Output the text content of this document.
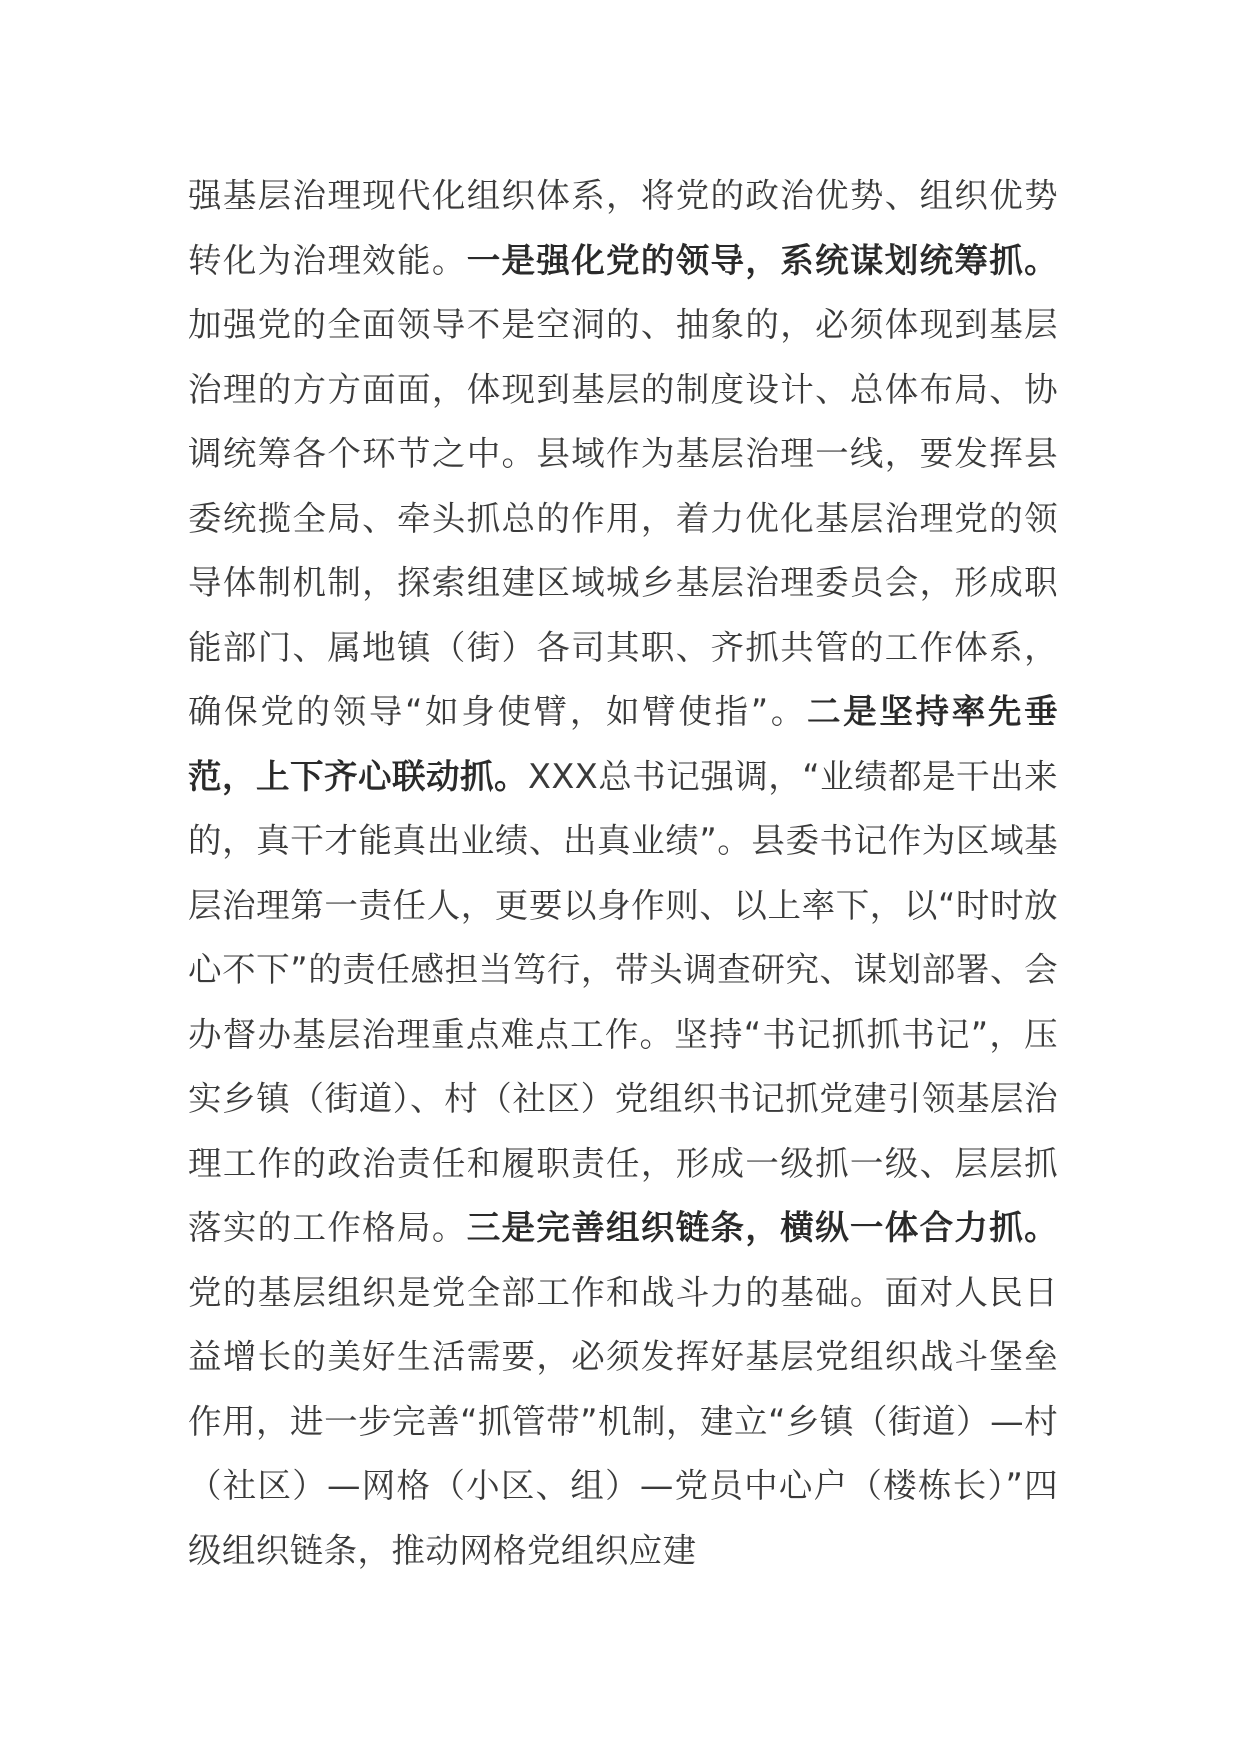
强基层治理现代化组织体系，将党的政治优势、组织优势转化为治理效能。一是强化党的领导，系统谋划统筹抓。加强党的全面领导不是空洞的、抽象的，必须体现到基层治理的方方面面，体现到基层的制度设计、总体布局、协调统筹各个环节之中。县域作为基层治理一线，要发挥县委统揽全局、牵头抓总的作用，着力优化基层治理党的领导体制机制，探索组建区域城乡基层治理委员会，形成职能部门、属地镇（街）各司其职、齐抓共管的工作体系，确保党的领导“如身使臂，如臂使指”。二是坚持率先垂范，上下齐心联动抓。XXX总书记强调，“业绩都是干出来的，真干才能真出业绩、出真业绩”。县委书记作为区域基层治理第一责任人，更要以身作则、以上率下，以“时时放心不下”的责任感担当笃行，带头调查研究、谋划部署、会办督办基层治理重点难点工作。坚持“书记抓抓书记”，压实乡镇（街道）、村（社区）党组织书记抓党建引领基层治理工作的政治责任和履职责任，形成一级抓一级、层层抓落实的工作格局。三是完善组织链条，横纵一体合力抓。党的基层组织是党全部工作和战斗力的基础。面对人民日益增长的美好生活需要，必须发挥好基层党组织战斗堡垒作用，进一步完善“抓管带”机制，建立“乡镇（街道）—村（社区）—网格（小区、组）—党员中心户（楼栋长）”四级组织链条，推动网格党组织应建
